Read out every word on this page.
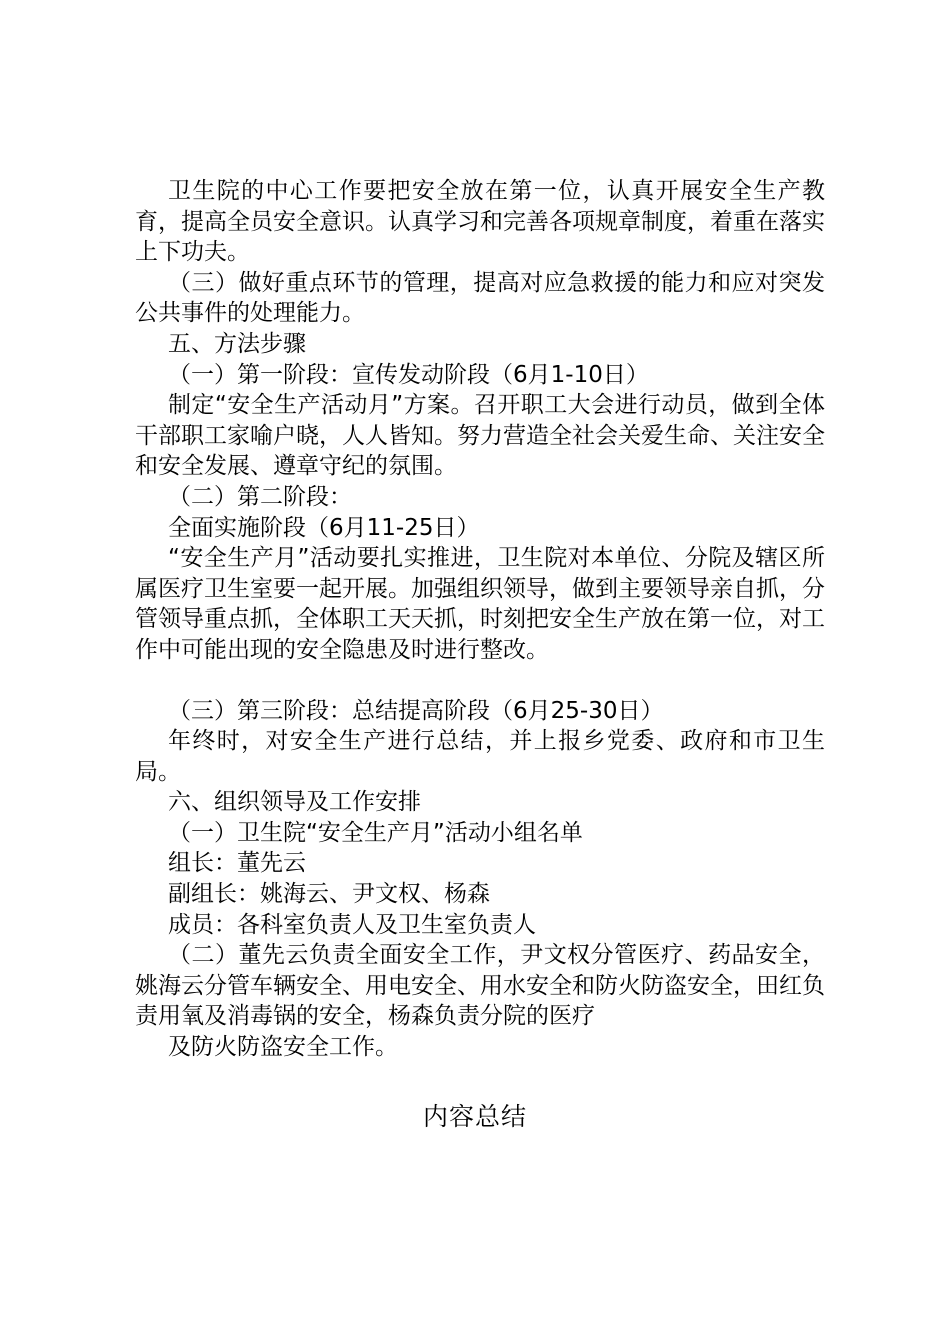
卫生院的中心工作要把安全放在第一位，认真开展安全生产教育，提高全员安全意识。认真学习和完善各项规章制度，着重在落实上下功夫。

（三）做好重点环节的管理，提高对应急救援的能力和应对突发公共事件的处理能力。

五、方法步骤

（一）第一阶段：宣传发动阶段（6月1-10日）

制定“安全生产活动月”方案。召开职工大会进行动员，做到全体干部职工家喻户晓，人人皆知。努力营造全社会关爱生命、关注安全和安全发展、遵章守纪的氛围。

（二）第二阶段：

全面实施阶段（6月11-25日）

“安全生产月”活动要扎实推进，卫生院对本单位、分院及辖区所属医疗卫生室要一起开展。加强组织领导，做到主要领导亲自抓，分管领导重点抓，全体职工天天抓，时刻把安全生产放在第一位，对工作中可能出现的安全隐患及时进行整改。

（三）第三阶段：总结提高阶段（6月25-30日）

年终时，对安全生产进行总结，并上报乡党委、政府和市卫生局。

六、组织领导及工作安排

（一）卫生院“安全生产月”活动小组名单

组长：董先云

副组长：姚海云、尹文权、杨森

成员：各科室负责人及卫生室负责人

（二）董先云负责全面安全工作，尹文权分管医疗、药品安全，姚海云分管车辆安全、用电安全、用水安全和防火防盗安全，田红负责用氧及消毒锅的安全，杨森负责分院的医疗

及防火防盗安全工作。

内容总结
